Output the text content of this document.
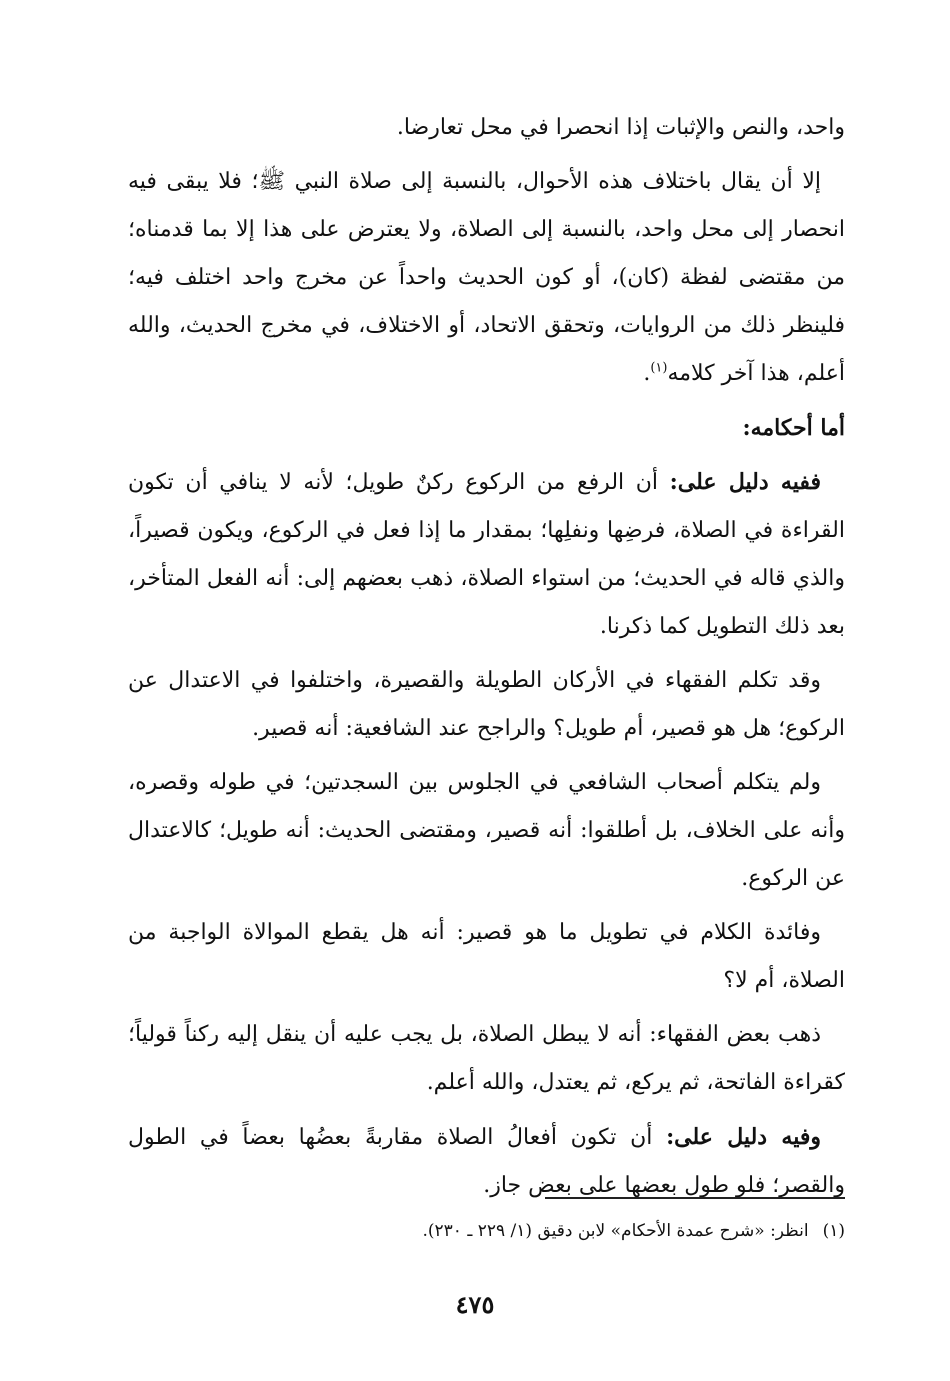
واحد، والنص والإثبات إذا انحصرا في محل تعارضا.

إلا أن يقال باختلاف هذه الأحوال، بالنسبة إلى صلاة النبي ﷺ؛ فلا يبقى فيه انحصار إلى محل واحد، بالنسبة إلى الصلاة، ولا يعترض على هذا إلا بما قدمناه؛ من مقتضى لفظة (كان)، أو كون الحديث واحداً عن مخرج واحد اختلف فيه؛ فلينظر ذلك من الروايات، وتحقق الاتحاد، أو الاختلاف، في مخرج الحديث، والله أعلم، هذا آخر كلامه$^{(١)}$.

أما أحكامه:

ففيه دليل على: أن الرفع من الركوع ركنٌ طويل؛ لأنه لا ينافي أن تكون القراءة في الصلاة، فرضِها ونفلِها؛ بمقدار ما إذا فعل في الركوع، ويكون قصيراً، والذي قاله في الحديث؛ من استواء الصلاة، ذهب بعضهم إلى: أنه الفعل المتأخر، بعد ذلك التطويل كما ذكرنا.

وقد تكلم الفقهاء في الأركان الطويلة والقصيرة، واختلفوا في الاعتدال عن الركوع؛ هل هو قصير، أم طويل؟ والراجح عند الشافعية: أنه قصير.

ولم يتكلم أصحاب الشافعي في الجلوس بين السجدتين؛ في طوله وقصره، وأنه على الخلاف، بل أطلقوا: أنه قصير، ومقتضى الحديث: أنه طويل؛ كالاعتدال عن الركوع.

وفائدة الكلام في تطويل ما هو قصير: أنه هل يقطع الموالاة الواجبة من الصلاة، أم لا؟

ذهب بعض الفقهاء: أنه لا يبطل الصلاة، بل يجب عليه أن ينقل إليه ركناً قولياً؛ كقراءة الفاتحة، ثم يركع، ثم يعتدل، والله أعلم.

وفيه دليل على: أن تكون أفعالُ الصلاة مقاربةً بعضُها بعضاً في الطول والقصر؛ فلو طول بعضها على بعض جاز.

(١)انظر: «شرح عمدة الأحكام» لابن دقيق (١/ ٢٢٩ ـ ٢٣٠).
٤٧٥
